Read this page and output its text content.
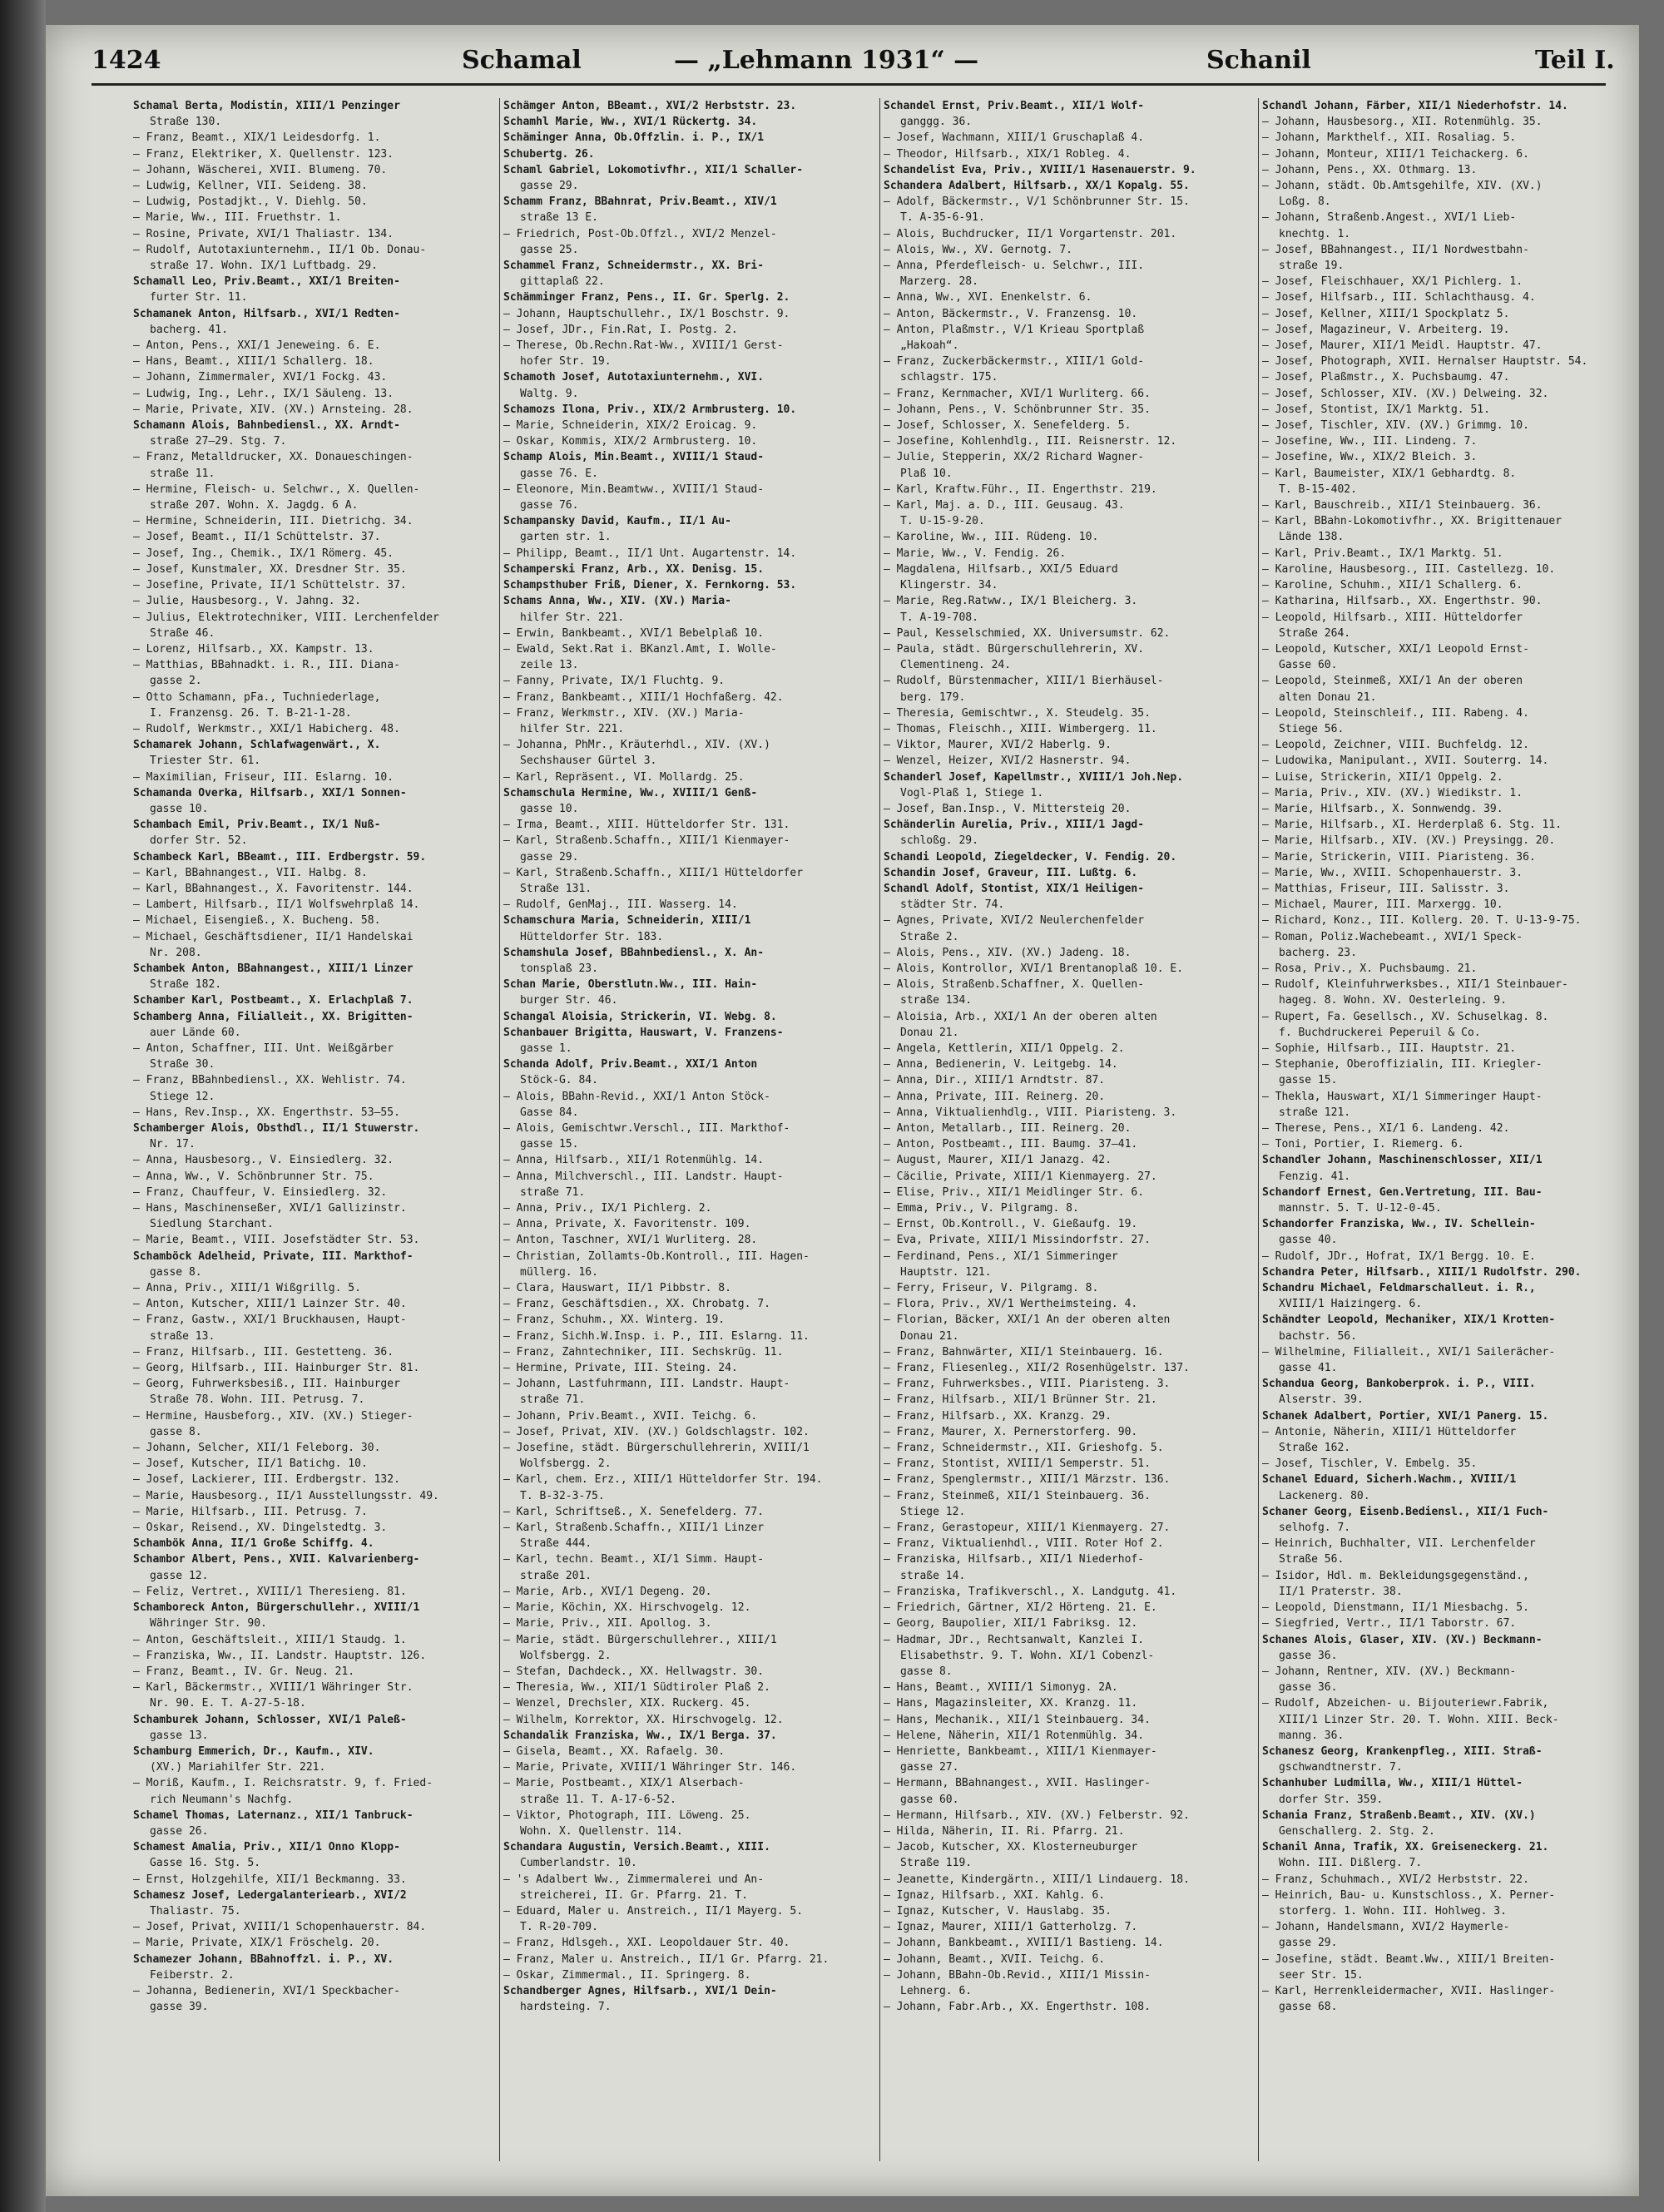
1424	Schamal	— „Lehmann 1931“ —	Schanil	Teil I.
Schamal Berta, Modistin, XIII/1 Penzinger
Straße 130.
— Franz, Beamt., XIX/1 Leidesdorfg. 1.
— Franz, Elektriker, X. Quellenstr. 123.
— Johann, Wäscherei, XVII. Blumeng. 70.
— Ludwig, Kellner, VII. Seideng. 38.
— Ludwig, Postadjkt., V. Diehlg. 50.
— Marie, Ww., III. Fruethstr. 1.
— Rosine, Private, XVI/1 Thaliastr. 134.
— Rudolf, Autotaxiunternehm., II/1 Ob. Donau-
straße 17. Wohn. IX/1 Luftbadg. 29.
Schamall Leo, Priv.Beamt., XXI/1 Breiten-
furter Str. 11.
Schamanek Anton, Hilfsarb., XVI/1 Redten-
bacherg. 41.
— Anton, Pens., XXI/1 Jeneweing. 6. E.
— Hans, Beamt., XIII/1 Schallerg. 18.
— Johann, Zimmermaler, XVI/1 Fockg. 43.
— Ludwig, Ing., Lehr., IX/1 Säuleng. 13.
— Marie, Private, XIV. (XV.) Arnsteing. 28.
Schamann Alois, Bahnbediensl., XX. Arndt-
straße 27—29. Stg. 7.
— Franz, Metalldrucker, XX. Donaueschingen-
straße 11.
— Hermine, Fleisch- u. Selchwr., X. Quellen-
straße 207. Wohn. X. Jagdg. 6 A.
— Hermine, Schneiderin, III. Dietrichg. 34.
— Josef, Beamt., II/1 Schüttelstr. 37.
— Josef, Ing., Chemik., IX/1 Römerg. 45.
— Josef, Kunstmaler, XX. Dresdner Str. 35.
— Josefine, Private, II/1 Schüttelstr. 37.
— Julie, Hausbesorg., V. Jahng. 32.
— Julius, Elektrotechniker, VIII. Lerchenfelder
Straße 46.
— Lorenz, Hilfsarb., XX. Kampstr. 13.
— Matthias, BBahnadkt. i. R., III. Diana-
gasse 2.
— Otto Schamann, pFa., Tuchniederlage,
I. Franzensg. 26. T. B-21-1-28.
— Rudolf, Werkmstr., XXI/1 Habicherg. 48.
Schamarek Johann, Schlafwagenwärt., X.
Triester Str. 61.
— Maximilian, Friseur, III. Eslarng. 10.
Schamanda Overka, Hilfsarb., XXI/1 Sonnen-
gasse 10.
Schambach Emil, Priv.Beamt., IX/1 Nuß-
dorfer Str. 52.
Schambeck Karl, BBeamt., III. Erdbergstr. 59.
— Karl, BBahnangest., VII. Halbg. 8.
— Karl, BBahnangest., X. Favoritenstr. 144.
— Lambert, Hilfsarb., II/1 Wolfswehrplaß 14.
— Michael, Eisengieß., X. Bucheng. 58.
— Michael, Geschäftsdiener, II/1 Handelskai
Nr. 208.
Schambek Anton, BBahnangest., XIII/1 Linzer
Straße 182.
Schamber Karl, Postbeamt., X. Erlachplaß 7.
Schamberg Anna, Filialleit., XX. Brigitten-
auer Lände 60.
— Anton, Schaffner, III. Unt. Weißgärber
Straße 30.
— Franz, BBahnbediensl., XX. Wehlistr. 74.
Stiege 12.
— Hans, Rev.Insp., XX. Engerthstr. 53—55.
Schamberger Alois, Obsthdl., II/1 Stuwerstr.
Nr. 17.
— Anna, Hausbesorg., V. Einsiedlerg. 32.
— Anna, Ww., V. Schönbrunner Str. 75.
— Franz, Chauffeur, V. Einsiedlerg. 32.
— Hans, Maschinenseßer, XVI/1 Gallizinstr.
Siedlung Starchant.
— Marie, Beamt., VIII. Josefstädter Str. 53.
Schamböck Adelheid, Private, III. Markthof-
gasse 8.
— Anna, Priv., XIII/1 Wißgrillg. 5.
— Anton, Kutscher, XIII/1 Lainzer Str. 40.
— Franz, Gastw., XXI/1 Bruckhausen, Haupt-
straße 13.
— Franz, Hilfsarb., III. Gestetteng. 36.
— Georg, Hilfsarb., III. Hainburger Str. 81.
— Georg, Fuhrwerksbesiß., III. Hainburger
Straße 78. Wohn. III. Petrusg. 7.
— Hermine, Hausbeforg., XIV. (XV.) Stieger-
gasse 8.
— Johann, Selcher, XII/1 Feleborg. 30.
— Josef, Kutscher, II/1 Batichg. 10.
— Josef, Lackierer, III. Erdbergstr. 132.
— Marie, Hausbesorg., II/1 Ausstellungsstr. 49.
— Marie, Hilfsarb., III. Petrusg. 7.
— Oskar, Reisend., XV. Dingelstedtg. 3.
Schambök Anna, II/1 Große Schiffg. 4.
Schambor Albert, Pens., XVII. Kalvarienberg-
gasse 12.
— Feliz, Vertret., XVIII/1 Theresieng. 81.
Schamboreck Anton, Bürgerschullehr., XVIII/1
Währinger Str. 90.
— Anton, Geschäftsleit., XIII/1 Staudg. 1.
— Franziska, Ww., II. Landstr. Hauptstr. 126.
— Franz, Beamt., IV. Gr. Neug. 21.
— Karl, Bäckermstr., XVIII/1 Währinger Str.
Nr. 90. E. T. A-27-5-18.
Schamburek Johann, Schlosser, XVI/1 Paleß-
gasse 13.
Schamburg Emmerich, Dr., Kaufm., XIV.
(XV.) Mariahilfer Str. 221.
— Moriß, Kaufm., I. Reichsratstr. 9, f. Fried-
rich Neumann's Nachfg.
Schamel Thomas, Laternanz., XII/1 Tanbruck-
gasse 26.
Schamest Amalia, Priv., XII/1 Onno Klopp-
Gasse 16. Stg. 5.
— Ernst, Holzgehilfe, XII/1 Beckmanng. 33.
Schamesz Josef, Ledergalanteriearb., XVI/2
Thaliastr. 75.
— Josef, Privat, XVIII/1 Schopenhauerstr. 84.
— Marie, Private, XIX/1 Fröschelg. 20.
Schamezer Johann, BBahnoffzl. i. P., XV.
Feiberstr. 2.
— Johanna, Bedienerin, XVI/1 Speckbacher-
gasse 39.
Schämger Anton, BBeamt., XVI/2 Herbststr. 23.
Schamhl Marie, Ww., XVI/1 Rückertg. 34.
Schäminger Anna, Ob.Offzlin. i. P., IX/1
Schubertg. 26.
Schaml Gabriel, Lokomotivfhr., XII/1 Schaller-
gasse 29.
Schamm Franz, BBahnrat, Priv.Beamt., XIV/1
straße 13 E.
— Friedrich, Post-Ob.Offzl., XVI/2 Menzel-
gasse 25.
Schammel Franz, Schneidermstr., XX. Bri-
gittaplaß 22.
Schämminger Franz, Pens., II. Gr. Sperlg. 2.
— Johann, Hauptschullehr., IX/1 Boschstr. 9.
— Josef, JDr., Fin.Rat, I. Postg. 2.
— Therese, Ob.Rechn.Rat-Ww., XVIII/1 Gerst-
hofer Str. 19.
Schamoth Josef, Autotaxiunternehm., XVI.
Waltg. 9.
Schamozs Ilona, Priv., XIX/2 Armbrusterg. 10.
— Marie, Schneiderin, XIX/2 Eroicag. 9.
— Oskar, Kommis, XIX/2 Armbrusterg. 10.
Schamp Alois, Min.Beamt., XVIII/1 Staud-
gasse 76. E.
— Eleonore, Min.Beamtww., XVIII/1 Staud-
gasse 76.
Schampansky David, Kaufm., II/1 Au-
garten str. 1.
— Philipp, Beamt., II/1 Unt. Augartenstr. 14.
Schamperski Franz, Arb., XX. Denisg. 15.
Schampsthuber Friß, Diener, X. Fernkorng. 53.
Schams Anna, Ww., XIV. (XV.) Maria-
hilfer Str. 221.
— Erwin, Bankbeamt., XVI/1 Bebelplaß 10.
— Ewald, Sekt.Rat i. BKanzl.Amt, I. Wolle-
zeile 13.
— Fanny, Private, IX/1 Fluchtg. 9.
— Franz, Bankbeamt., XIII/1 Hochfaßerg. 42.
— Franz, Werkmstr., XIV. (XV.) Maria-
hilfer Str. 221.
— Johanna, PhMr., Kräuterhdl., XIV. (XV.)
Sechshauser Gürtel 3.
— Karl, Repräsent., VI. Mollardg. 25.
Schamschula Hermine, Ww., XVIII/1 Genß-
gasse 10.
— Irma, Beamt., XIII. Hütteldorfer Str. 131.
— Karl, Straßenb.Schaffn., XIII/1 Kienmayer-
gasse 29.
— Karl, Straßenb.Schaffn., XIII/1 Hütteldorfer
Straße 131.
— Rudolf, GenMaj., III. Wasserg. 14.
Schamschura Maria, Schneiderin, XIII/1
Hütteldorfer Str. 183.
Schamshula Josef, BBahnbediensl., X. An-
tonsplaß 23.
Schan Marie, Oberstlutn.Ww., III. Hain-
burger Str. 46.
Schangal Aloisia, Strickerin, VI. Webg. 8.
Schanbauer Brigitta, Hauswart, V. Franzens-
gasse 1.
Schanda Adolf, Priv.Beamt., XXI/1 Anton
Stöck-G. 84.
— Alois, BBahn-Revid., XXI/1 Anton Stöck-
Gasse 84.
— Alois, Gemischtwr.Verschl., III. Markthof-
gasse 15.
— Anna, Hilfsarb., XII/1 Rotenmühlg. 14.
— Anna, Milchverschl., III. Landstr. Haupt-
straße 71.
— Anna, Priv., IX/1 Pichlerg. 2.
— Anna, Private, X. Favoritenstr. 109.
— Anton, Taschner, XVI/1 Wurliterg. 28.
— Christian, Zollamts-Ob.Kontroll., III. Hagen-
müllerg. 16.
— Clara, Hauswart, II/1 Pibbstr. 8.
— Franz, Geschäftsdien., XX. Chrobatg. 7.
— Franz, Schuhm., XX. Winterg. 19.
— Franz, Sichh.W.Insp. i. P., III. Eslarng. 11.
— Franz, Zahntechniker, III. Sechskrüg. 11.
— Hermine, Private, III. Steing. 24.
— Johann, Lastfuhrmann, III. Landstr. Haupt-
straße 71.
— Johann, Priv.Beamt., XVII. Teichg. 6.
— Josef, Privat, XIV. (XV.) Goldschlagstr. 102.
— Josefine, städt. Bürgerschullehrerin, XVIII/1
Wolfsbergg. 2.
— Karl, chem. Erz., XIII/1 Hütteldorfer Str. 194.
T. B-32-3-75.
— Karl, Schriftseß., X. Senefelderg. 77.
— Karl, Straßenb.Schaffn., XIII/1 Linzer
Straße 444.
— Karl, techn. Beamt., XI/1 Simm. Haupt-
straße 201.
— Marie, Arb., XVI/1 Degeng. 20.
— Marie, Köchin, XX. Hirschvogelg. 12.
— Marie, Priv., XII. Apollog. 3.
— Marie, städt. Bürgerschullehrer., XIII/1
Wolfsbergg. 2.
— Stefan, Dachdeck., XX. Hellwagstr. 30.
— Theresia, Ww., XII/1 Südtiroler Plaß 2.
— Wenzel, Drechsler, XIX. Ruckerg. 45.
— Wilhelm, Korrektor, XX. Hirschvogelg. 12.
Schandalik Franziska, Ww., IX/1 Berga. 37.
— Gisela, Beamt., XX. Rafaelg. 30.
— Marie, Private, XVIII/1 Währinger Str. 146.
— Marie, Postbeamt., XIX/1 Alserbach-
straße 11. T. A-17-6-52.
— Viktor, Photograph, III. Löweng. 25.
Wohn. X. Quellenstr. 114.
Schandara Augustin, Versich.Beamt., XIII.
Cumberlandstr. 10.
— 's Adalbert Ww., Zimmermalerei und An-
streicherei, II. Gr. Pfarrg. 21. T.
— Eduard, Maler u. Anstreich., II/1 Mayerg. 5.
T. R-20-709.
— Franz, Hdlsgeh., XXI. Leopoldauer Str. 40.
— Franz, Maler u. Anstreich., II/1 Gr. Pfarrg. 21.
— Oskar, Zimmermal., II. Springerg. 8.
Schandberger Agnes, Hilfsarb., XVI/1 Dein-
hardsteing. 7.
Schandel Ernst, Priv.Beamt., XII/1 Wolf-
ganggg. 36.
— Josef, Wachmann, XIII/1 Gruschaplaß 4.
— Theodor, Hilfsarb., XIX/1 Robleg. 4.
Schandelist Eva, Priv., XVIII/1 Hasenauerstr. 9.
Schandera Adalbert, Hilfsarb., XX/1 Kopalg. 55.
— Adolf, Bäckermstr., V/1 Schönbrunner Str. 15.
T. A-35-6-91.
— Alois, Buchdrucker, II/1 Vorgartenstr. 201.
— Alois, Ww., XV. Gernotg. 7.
— Anna, Pferdefleisch- u. Selchwr., III.
Marzerg. 28.
— Anna, Ww., XVI. Enenkelstr. 6.
— Anton, Bäckermstr., V. Franzensg. 10.
— Anton, Plaßmstr., V/1 Krieau Sportplaß
„Hakoah“.
— Franz, Zuckerbäckermstr., XIII/1 Gold-
schlagstr. 175.
— Franz, Kernmacher, XVI/1 Wurliterg. 66.
— Johann, Pens., V. Schönbrunner Str. 35.
— Josef, Schlosser, X. Senefelderg. 5.
— Josefine, Kohlenhdlg., III. Reisnerstr. 12.
— Julie, Stepperin, XX/2 Richard Wagner-
Plaß 10.
— Karl, Kraftw.Führ., II. Engerthstr. 219.
— Karl, Maj. a. D., III. Geusaug. 43.
T. U-15-9-20.
— Karoline, Ww., III. Rüdeng. 10.
— Marie, Ww., V. Fendig. 26.
— Magdalena, Hilfsarb., XXI/5 Eduard
Klingerstr. 34.
— Marie, Reg.Ratww., IX/1 Bleicherg. 3.
T. A-19-708.
— Paul, Kesselschmied, XX. Universumstr. 62.
— Paula, städt. Bürgerschullehrerin, XV.
Clementineng. 24.
— Rudolf, Bürstenmacher, XIII/1 Bierhäusel-
berg. 179.
— Theresia, Gemischtwr., X. Steudelg. 35.
— Thomas, Fleischh., XIII. Wimbergerg. 11.
— Viktor, Maurer, XVI/2 Haberlg. 9.
— Wenzel, Heizer, XVI/2 Hasnerstr. 94.
Schanderl Josef, Kapellmstr., XVIII/1 Joh.Nep.
Vogl-Plaß 1, Stiege 1.
— Josef, Ban.Insp., V. Mittersteig 20.
Schänderlin Aurelia, Priv., XIII/1 Jagd-
schloßg. 29.
Schandi Leopold, Ziegeldecker, V. Fendig. 20.
Schandin Josef, Graveur, III. Lußtg. 6.
Schandl Adolf, Stontist, XIX/1 Heiligen-
städter Str. 74.
— Agnes, Private, XVI/2 Neulerchenfelder
Straße 2.
— Alois, Pens., XIV. (XV.) Jadeng. 18.
— Alois, Kontrollor, XVI/1 Brentanoplaß 10. E.
— Alois, Straßenb.Schaffner, X. Quellen-
straße 134.
— Aloisia, Arb., XXI/1 An der oberen alten
Donau 21.
— Angela, Kettlerin, XII/1 Oppelg. 2.
— Anna, Bedienerin, V. Leitgebg. 14.
— Anna, Dir., XIII/1 Arndtstr. 87.
— Anna, Private, III. Reinerg. 20.
— Anna, Viktualienhdlg., VIII. Piaristeng. 3.
— Anton, Metallarb., III. Reinerg. 20.
— Anton, Postbeamt., III. Baumg. 37—41.
— August, Maurer, XII/1 Janazg. 42.
— Cäcilie, Private, XIII/1 Kienmayerg. 27.
— Elise, Priv., XII/1 Meidlinger Str. 6.
— Emma, Priv., V. Pilgramg. 8.
— Ernst, Ob.Kontroll., V. Gießaufg. 19.
— Eva, Private, XIII/1 Missindorfstr. 27.
— Ferdinand, Pens., XI/1 Simmeringer
Hauptstr. 121.
— Ferry, Friseur, V. Pilgramg. 8.
— Flora, Priv., XV/1 Wertheimsteing. 4.
— Florian, Bäcker, XXI/1 An der oberen alten
Donau 21.
— Franz, Bahnwärter, XII/1 Steinbauerg. 16.
— Franz, Fliesenleg., XII/2 Rosenhügelstr. 137.
— Franz, Fuhrwerksbes., VIII. Piaristeng. 3.
— Franz, Hilfsarb., XII/1 Brünner Str. 21.
— Franz, Hilfsarb., XX. Kranzg. 29.
— Franz, Maurer, X. Pernerstorferg. 90.
— Franz, Schneidermstr., XII. Grieshofg. 5.
— Franz, Stontist, XVIII/1 Semperstr. 51.
— Franz, Spenglermstr., XIII/1 Märzstr. 136.
— Franz, Steinmeß, XII/1 Steinbauerg. 36.
Stiege 12.
— Franz, Gerastopeur, XIII/1 Kienmayerg. 27.
— Franz, Viktualienhdl., VIII. Roter Hof 2.
— Franziska, Hilfsarb., XII/1 Niederhof-
straße 14.
— Franziska, Trafikverschl., X. Landgutg. 41.
— Friedrich, Gärtner, XI/2 Hörteng. 21. E.
— Georg, Baupolier, XII/1 Fabriksg. 12.
— Hadmar, JDr., Rechtsanwalt, Kanzlei I.
Elisabethstr. 9. T. Wohn. XI/1 Cobenzl-
gasse 8.
— Hans, Beamt., XVIII/1 Simonyg. 2A.
— Hans, Magazinsleiter, XX. Kranzg. 11.
— Hans, Mechanik., XII/1 Steinbauerg. 34.
— Helene, Näherin, XII/1 Rotenmühlg. 34.
— Henriette, Bankbeamt., XIII/1 Kienmayer-
gasse 27.
— Hermann, BBahnangest., XVII. Haslinger-
gasse 60.
— Hermann, Hilfsarb., XIV. (XV.) Felberstr. 92.
— Hilda, Näherin, II. Ri. Pfarrg. 21.
— Jacob, Kutscher, XX. Klosterneuburger
Straße 119.
— Jeanette, Kindergärtn., XIII/1 Lindauerg. 18.
— Ignaz, Hilfsarb., XXI. Kahlg. 6.
— Ignaz, Kutscher, V. Hauslabg. 35.
— Ignaz, Maurer, XIII/1 Gatterholzg. 7.
— Johann, Bankbeamt., XVIII/1 Bastieng. 14.
— Johann, Beamt., XVII. Teichg. 6.
— Johann, BBahn-Ob.Revid., XIII/1 Missin-
Lehnerg. 6.
— Johann, Fabr.Arb., XX. Engerthstr. 108.
Schandl Johann, Färber, XII/1 Niederhofstr. 14.
— Johann, Hausbesorg., XII. Rotenmühlg. 35.
— Johann, Markthelf., XII. Rosaliag. 5.
— Johann, Monteur, XIII/1 Teichackerg. 6.
— Johann, Pens., XX. Othmarg. 13.
— Johann, städt. Ob.Amtsgehilfe, XIV. (XV.)
Loßg. 8.
— Johann, Straßenb.Angest., XVI/1 Lieb-
knechtg. 1.
— Josef, BBahnangest., II/1 Nordwestbahn-
straße 19.
— Josef, Fleischhauer, XX/1 Pichlerg. 1.
— Josef, Hilfsarb., III. Schlachthausg. 4.
— Josef, Kellner, XIII/1 Spockplatz 5.
— Josef, Magazineur, V. Arbeiterg. 19.
— Josef, Maurer, XII/1 Meidl. Hauptstr. 47.
— Josef, Photograph, XVII. Hernalser Hauptstr. 54.
— Josef, Plaßmstr., X. Puchsbaumg. 47.
— Josef, Schlosser, XIV. (XV.) Delweing. 32.
— Josef, Stontist, IX/1 Marktg. 51.
— Josef, Tischler, XIV. (XV.) Grimmg. 10.
— Josefine, Ww., III. Lindeng. 7.
— Josefine, Ww., XIX/2 Bleich. 3.
— Karl, Baumeister, XIX/1 Gebhardtg. 8.
T. B-15-402.
— Karl, Bauschreib., XII/1 Steinbauerg. 36.
— Karl, BBahn-Lokomotivfhr., XX. Brigittenauer
Lände 138.
— Karl, Priv.Beamt., IX/1 Marktg. 51.
— Karoline, Hausbesorg., III. Castellezg. 10.
— Karoline, Schuhm., XII/1 Schallerg. 6.
— Katharina, Hilfsarb., XX. Engerthstr. 90.
— Leopold, Hilfsarb., XIII. Hütteldorfer
Straße 264.
— Leopold, Kutscher, XXI/1 Leopold Ernst-
Gasse 60.
— Leopold, Steinmeß, XXI/1 An der oberen
alten Donau 21.
— Leopold, Steinschleif., III. Rabeng. 4.
Stiege 56.
— Leopold, Zeichner, VIII. Buchfeldg. 12.
— Ludowika, Manipulant., XVII. Souterrg. 14.
— Luise, Strickerin, XII/1 Oppelg. 2.
— Maria, Priv., XIV. (XV.) Wiedikstr. 1.
— Marie, Hilfsarb., X. Sonnwendg. 39.
— Marie, Hilfsarb., XI. Herderplaß 6. Stg. 11.
— Marie, Hilfsarb., XIV. (XV.) Preysingg. 20.
— Marie, Strickerin, VIII. Piaristeng. 36.
— Marie, Ww., XVIII. Schopenhauerstr. 3.
— Matthias, Friseur, III. Salisstr. 3.
— Michael, Maurer, III. Marxergg. 10.
— Richard, Konz., III. Kollerg. 20. T. U-13-9-75.
— Roman, Poliz.Wachebeamt., XVI/1 Speck-
bacherg. 23.
— Rosa, Priv., X. Puchsbaumg. 21.
— Rudolf, Kleinfuhrwerksbes., XII/1 Steinbauer-
hageg. 8. Wohn. XV. Oesterleing. 9.
— Rupert, Fa. Gesellsch., XV. Schuselkag. 8.
f. Buchdruckerei Peperuil & Co.
— Sophie, Hilfsarb., III. Hauptstr. 21.
— Stephanie, Oberoffizialin, III. Kriegler-
gasse 15.
— Thekla, Hauswart, XI/1 Simmeringer Haupt-
straße 121.
— Therese, Pens., XI/1 6. Landeng. 42.
— Toni, Portier, I. Riemerg. 6.
Schandler Johann, Maschinenschlosser, XII/1
Fenzig. 41.
Schandorf Ernest, Gen.Vertretung, III. Bau-
mannstr. 5. T. U-12-0-45.
Schandorfer Franziska, Ww., IV. Schellein-
gasse 40.
— Rudolf, JDr., Hofrat, IX/1 Bergg. 10. E.
Schandra Peter, Hilfsarb., XIII/1 Rudolfstr. 290.
Schandru Michael, Feldmarschalleut. i. R.,
XVIII/1 Haizingerg. 6.
Schändter Leopold, Mechaniker, XIX/1 Krotten-
bachstr. 56.
— Wilhelmine, Filialleit., XVI/1 Sailerächer-
gasse 41.
Schandua Georg, Bankoberprok. i. P., VIII.
Alserstr. 39.
Schanek Adalbert, Portier, XVI/1 Panerg. 15.
— Antonie, Näherin, XIII/1 Hütteldorfer
Straße 162.
— Josef, Tischler, V. Embelg. 35.
Schanel Eduard, Sicherh.Wachm., XVIII/1
Lackenerg. 80.
Schaner Georg, Eisenb.Bediensl., XII/1 Fuch-
selhofg. 7.
— Heinrich, Buchhalter, VII. Lerchenfelder
Straße 56.
— Isidor, Hdl. m. Bekleidungsgegenständ.,
II/1 Praterstr. 38.
— Leopold, Dienstmann, II/1 Miesbachg. 5.
— Siegfried, Vertr., II/1 Taborstr. 67.
Schanes Alois, Glaser, XIV. (XV.) Beckmann-
gasse 36.
— Johann, Rentner, XIV. (XV.) Beckmann-
gasse 36.
— Rudolf, Abzeichen- u. Bijouteriewr.Fabrik,
XIII/1 Linzer Str. 20. T. Wohn. XIII. Beck-
manng. 36.
Schanesz Georg, Krankenpfleg., XIII. Straß-
gschwandtnerstr. 7.
Schanhuber Ludmilla, Ww., XIII/1 Hüttel-
dorfer Str. 359.
Schania Franz, Straßenb.Beamt., XIV. (XV.)
Genschallerg. 2. Stg. 2.
Schanil Anna, Trafik, XX. Greiseneckerg. 21.
Wohn. III. Dißlerg. 7.
— Franz, Schuhmach., XVI/2 Herbststr. 22.
— Heinrich, Bau- u. Kunstschloss., X. Perner-
storferg. 1. Wohn. III. Hohlweg. 3.
— Johann, Handelsmann, XVI/2 Haymerle-
gasse 29.
— Josefine, städt. Beamt.Ww., XIII/1 Breiten-
seer Str. 15.
— Karl, Herrenkleidermacher, XVII. Haslinger-
gasse 68.
